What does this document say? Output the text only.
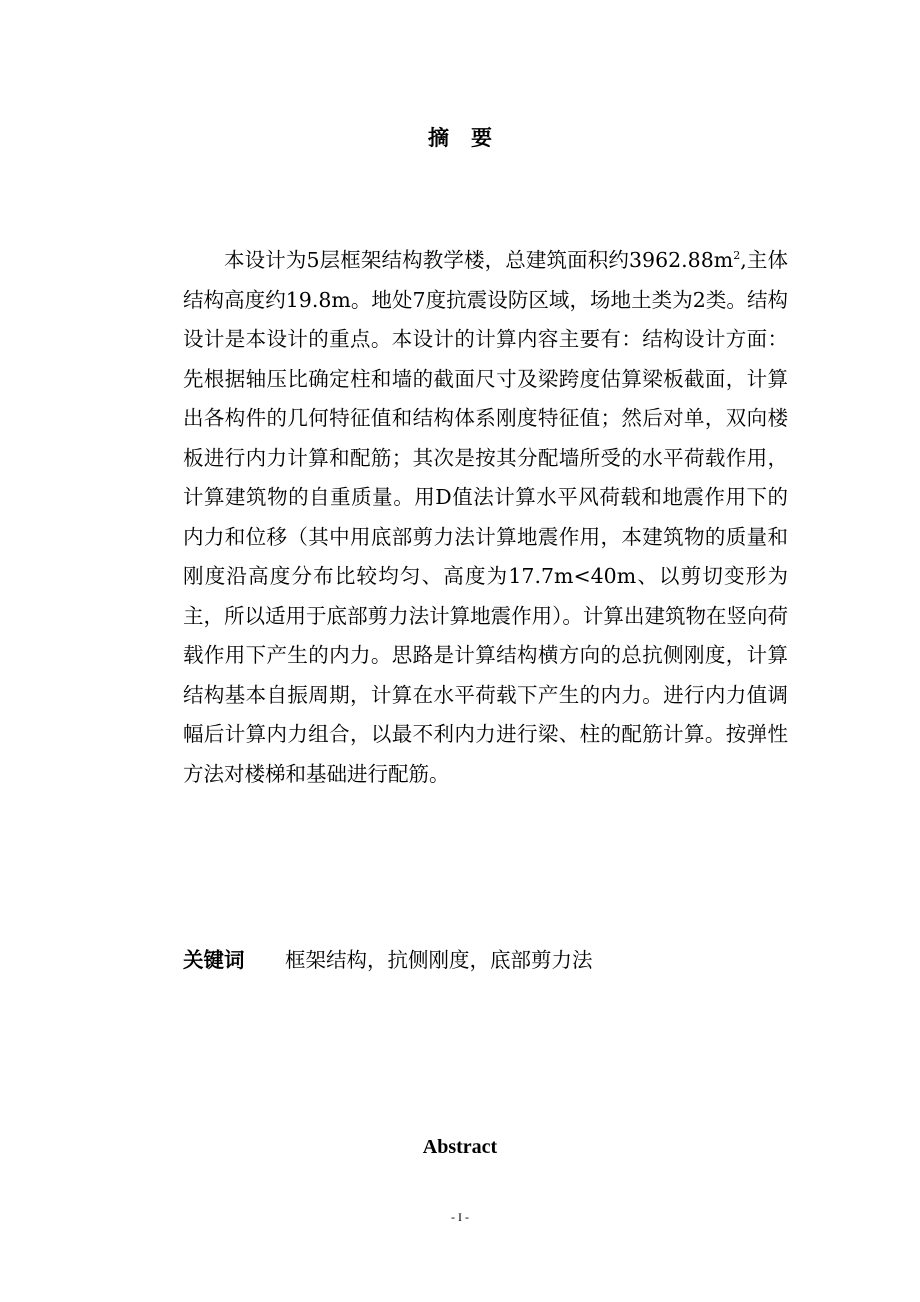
摘要

本设计为5层框架结构教学楼，总建筑面积约$3962.88m^2$,主体结构高度约19.8m。地处7度抗震设防区域，场地土类为2类。结构设计是本设计的重点。本设计的计算内容主要有：结构设计方面：先根据轴压比确定柱和墙的截面尺寸及梁跨度估算梁板截面，计算出各构件的几何特征值和结构体系刚度特征值；然后对单，双向楼板进行内力计算和配筋；其次是按其分配墙所受的水平荷载作用，计算建筑物的自重质量。用D值法计算水平风荷载和地震作用下的内力和位移（其中用底部剪力法计算地震作用，本建筑物的质量和刚度沿高度分布比较均匀、高度为17.7m<40m、以剪切变形为主，所以适用于底部剪力法计算地震作用）。计算出建筑物在竖向荷载作用下产生的内力。思路是计算结构横方向的总抗侧刚度，计算结构基本自振周期，计算在水平荷载下产生的内力。进行内力值调幅后计算内力组合，以最不利内力进行梁、柱的配筋计算。按弹性方法对楼梯和基础进行配筋。

关键词 框架结构，抗侧刚度，底部剪力法
Abstract
- I -
